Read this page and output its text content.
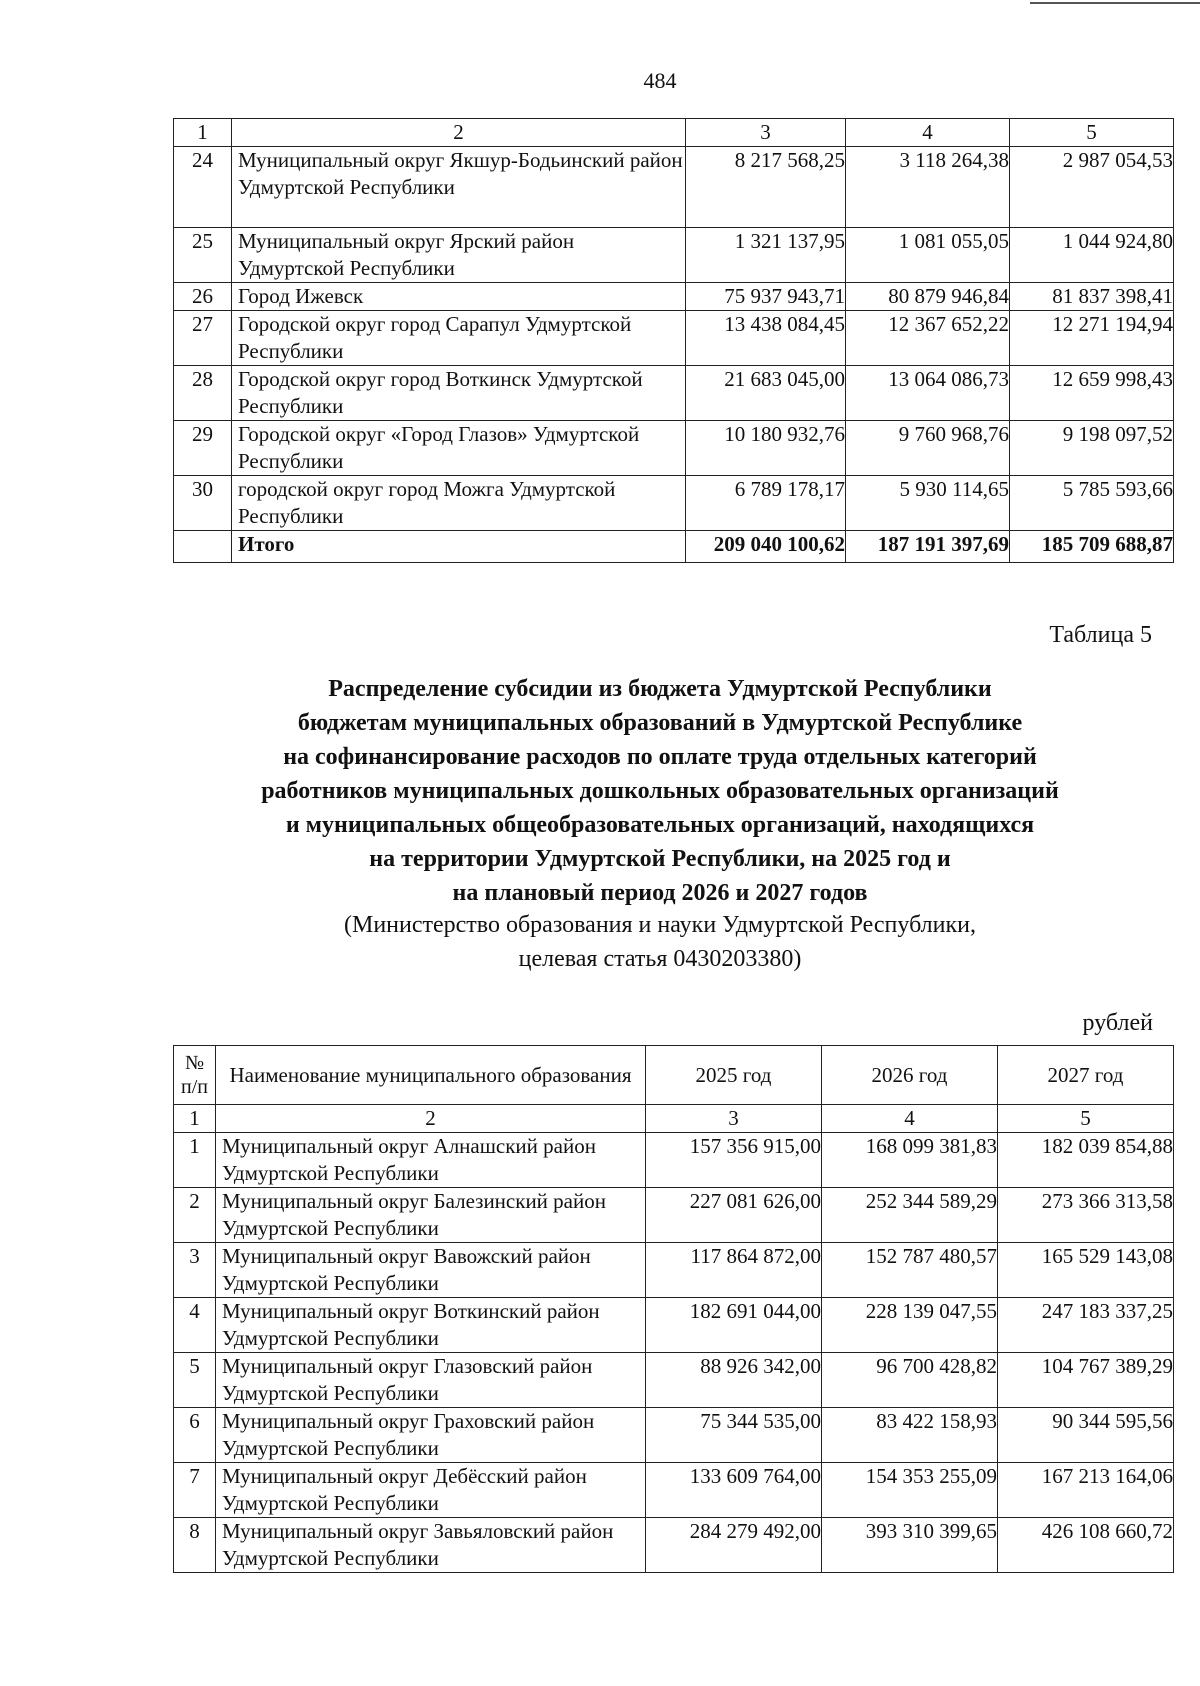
484
1	2	3	4	5
24	Муниципальный округ Якшур-Бодьинский район Удмуртской Республики	8 217 568,25	3 118 264,38	2 987 054,53
25	Муниципальный округ Ярский район Удмуртской Республики	1 321 137,95	1 081 055,05	1 044 924,80
26	Город Ижевск	75 937 943,71	80 879 946,84	81 837 398,41
27	Городской округ город Сарапул Удмуртской Республики	13 438 084,45	12 367 652,22	12 271 194,94
28	Городской округ город Воткинск Удмуртской Республики	21 683 045,00	13 064 086,73	12 659 998,43
29	Городской округ «Город Глазов» Удмуртской Республики	10 180 932,76	9 760 968,76	9 198 097,52
30	городской округ город Можга Удмуртской Республики	6 789 178,17	5 930 114,65	5 785 593,66
	Итого	209 040 100,62	187 191 397,69	185 709 688,87
Таблица 5
Распределение субсидии из бюджета Удмуртской Республики
бюджетам муниципальных образований в Удмуртской Республике
на софинансирование расходов по оплате труда отдельных категорий
работников муниципальных дошкольных образовательных организаций
и муниципальных общеобразовательных организаций, находящихся
на территории Удмуртской Республики, на 2025 год и
на плановый период 2026 и 2027 годов
(Министерство образования и науки Удмуртской Республики,
целевая статья 0430203380)
рублей
№ п/п	Наименование муниципального образования	2025 год	2026 год	2027 год
1	2	3	4	5
1	Муниципальный округ Алнашский район Удмуртской Республики	157 356 915,00	168 099 381,83	182 039 854,88
2	Муниципальный округ Балезинский район Удмуртской Республики	227 081 626,00	252 344 589,29	273 366 313,58
3	Муниципальный округ Вавожский район Удмуртской Республики	117 864 872,00	152 787 480,57	165 529 143,08
4	Муниципальный округ Воткинский район Удмуртской Республики	182 691 044,00	228 139 047,55	247 183 337,25
5	Муниципальный округ Глазовский район Удмуртской Республики	88 926 342,00	96 700 428,82	104 767 389,29
6	Муниципальный округ Граховский район Удмуртской Республики	75 344 535,00	83 422 158,93	90 344 595,56
7	Муниципальный округ Дебёсский район Удмуртской Республики	133 609 764,00	154 353 255,09	167 213 164,06
8	Муниципальный округ Завьяловский район Удмуртской Республики	284 279 492,00	393 310 399,65	426 108 660,72
